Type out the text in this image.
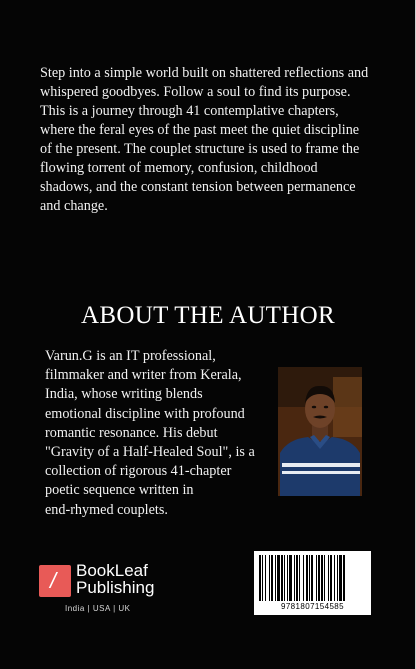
Step into a simple world built on shattered reflections and
whispered goodbyes. Follow a soul to find its purpose.
This is a journey through 41 contemplative chapters,
where the feral eyes of the past meet the quiet discipline
of the present. The couplet structure is used to frame the
flowing torrent of memory, confusion, childhood
shadows, and the constant tension between permanence
and change.

ABOUT THE AUTHOR

Varun.G is an IT professional,
filmmaker and writer from Kerala,
India, whose writing blends
emotional discipline with profound
romantic resonance. His debut
"Gravity of a Half-Healed Soul", is a
collection of rigorous 41-chapter
poetic sequence written in
end-rhymed couplets.

/ BookLeaf
Publishing
India | USA | UK	9781807154585
